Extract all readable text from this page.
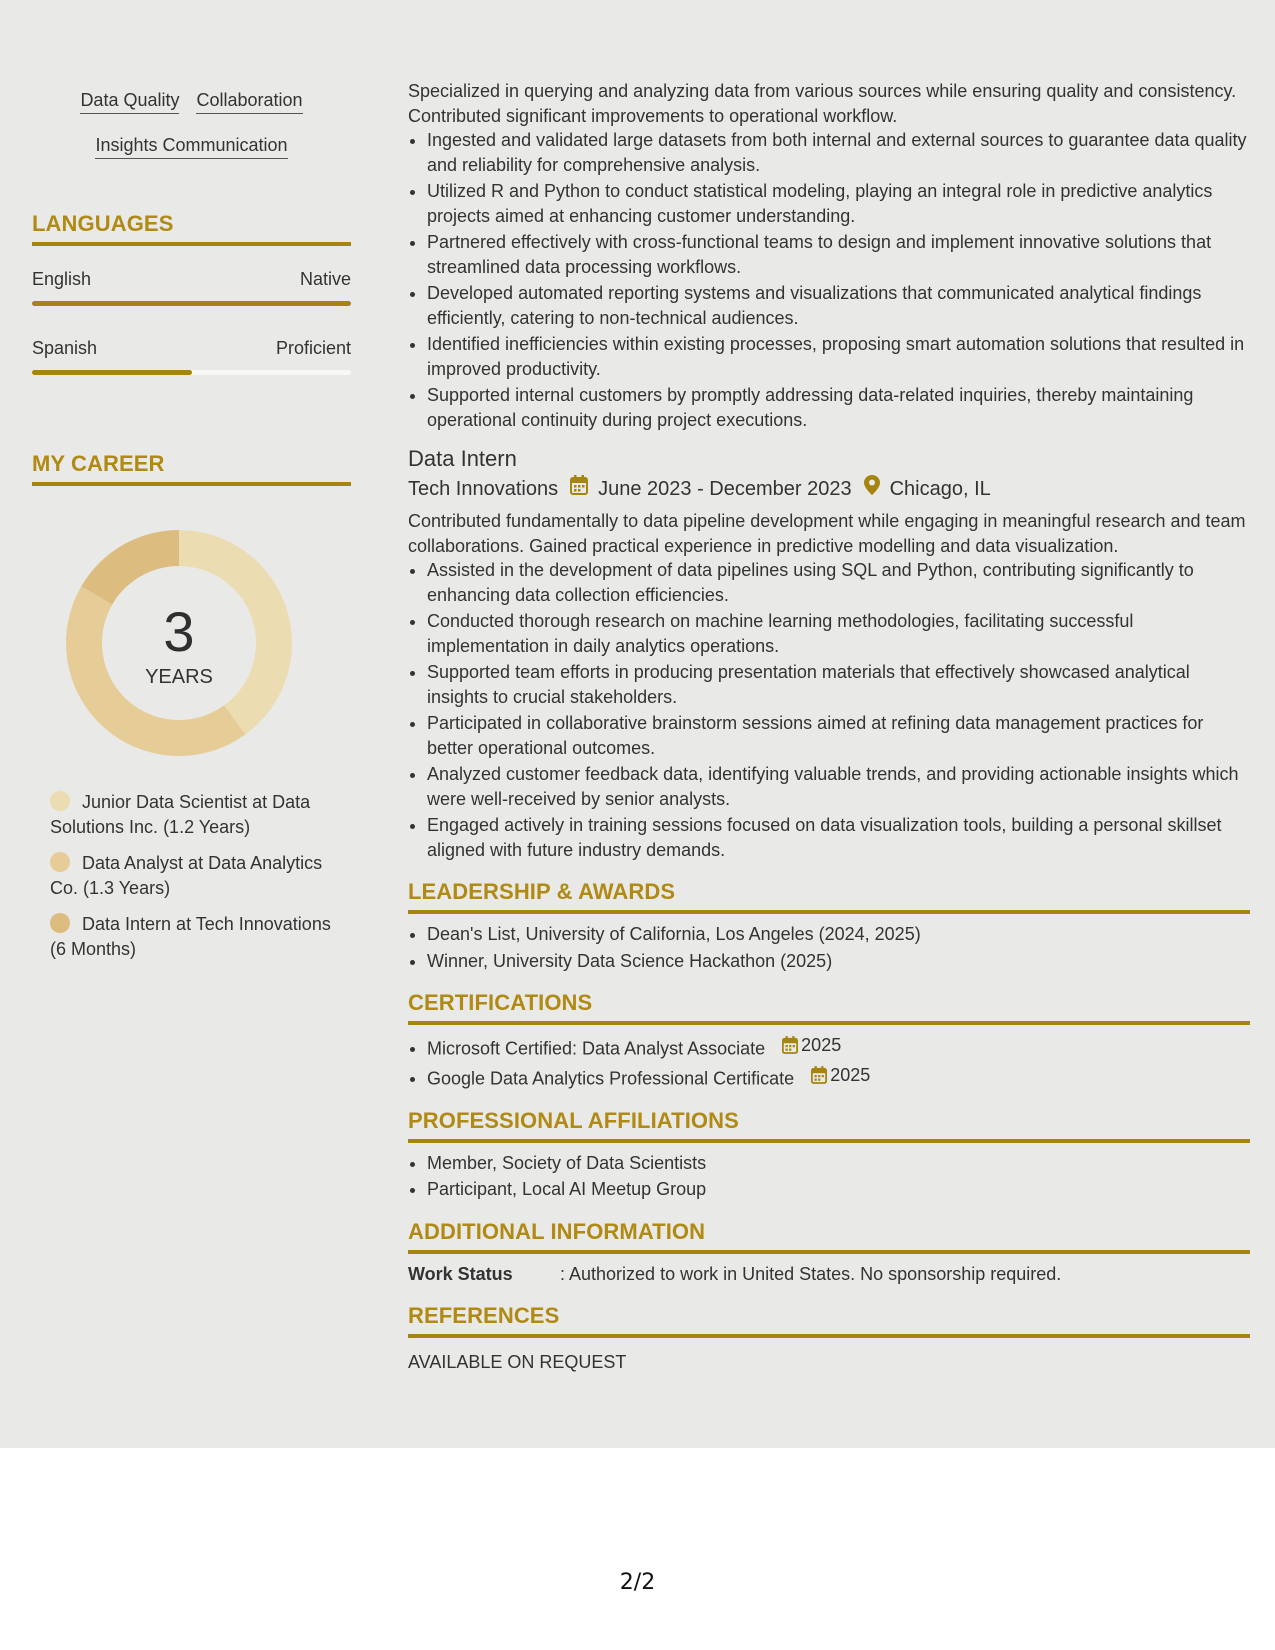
Data Quality Collaboration
Insights Communication
LANGUAGES
English	Native
Spanish	Proficient
MY CAREER
3
YEARS
Junior Data Scientist at Data Solutions Inc. (1.2 Years)
Data Analyst at Data Analytics Co. (1.3 Years)
Data Intern at Tech Innovations (6 Months)

Specialized in querying and analyzing data from various sources while ensuring quality and consistency. Contributed significant improvements to operational workflow.

• Ingested and validated large datasets from both internal and external sources to guarantee data quality and reliability for comprehensive analysis.
• Utilized R and Python to conduct statistical modeling, playing an integral role in predictive analytics projects aimed at enhancing customer understanding.
• Partnered effectively with cross-functional teams to design and implement innovative solutions that streamlined data processing workflows.
• Developed automated reporting systems and visualizations that communicated analytical findings efficiently, catering to non-technical audiences.
• Identified inefficiencies within existing processes, proposing smart automation solutions that resulted in improved productivity.
• Supported internal customers by promptly addressing data-related inquiries, thereby maintaining operational continuity during project executions.
Data Intern
Tech Innovations June 2023 - December 2023 Chicago, IL

Contributed fundamentally to data pipeline development while engaging in meaningful research and team collaborations. Gained practical experience in predictive modelling and data visualization.

• Assisted in the development of data pipelines using SQL and Python, contributing significantly to enhancing data collection efficiencies.
• Conducted thorough research on machine learning methodologies, facilitating successful implementation in daily analytics operations.
• Supported team efforts in producing presentation materials that effectively showcased analytical insights to crucial stakeholders.
• Participated in collaborative brainstorm sessions aimed at refining data management practices for better operational outcomes.
• Analyzed customer feedback data, identifying valuable trends, and providing actionable insights which were well-received by senior analysts.
• Engaged actively in training sessions focused on data visualization tools, building a personal skillset aligned with future industry demands.
LEADERSHIP & AWARDS
• Dean's List, University of California, Los Angeles (2024, 2025)
• Winner, University Data Science Hackathon (2025)
CERTIFICATIONS
• Microsoft Certified: Data Analyst Associate 2025
• Google Data Analytics Professional Certificate 2025
PROFESSIONAL AFFILIATIONS
• Member, Society of Data Scientists
• Participant, Local AI Meetup Group
ADDITIONAL INFORMATION
Work Status	: Authorized to work in United States. No sponsorship required.
REFERENCES
AVAILABLE ON REQUEST
2/2
